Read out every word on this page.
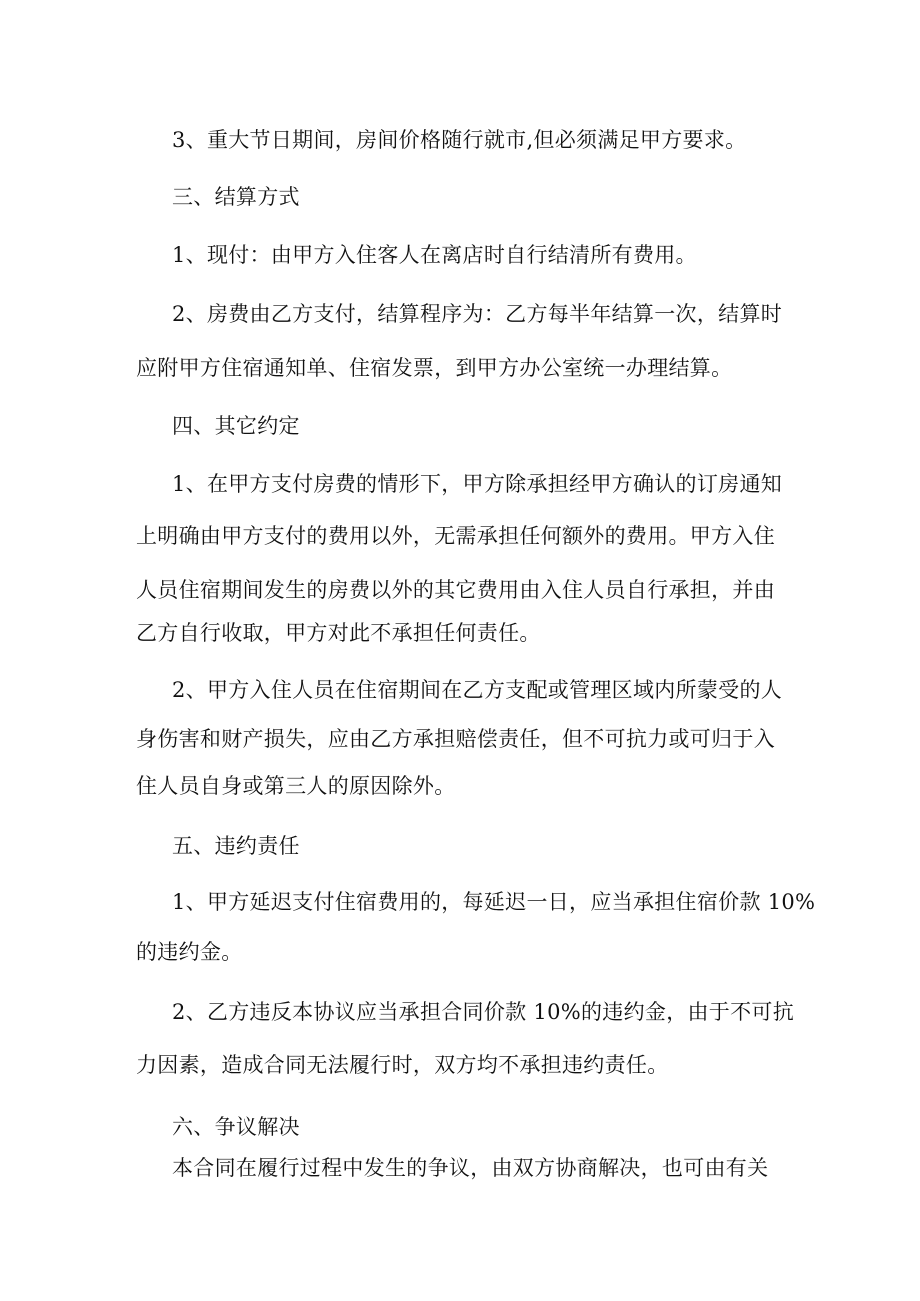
3、重大节日期间，房间价格随行就市,但必须满足甲方要求。
三、结算方式
1、现付：由甲方入住客人在离店时自行结清所有费用。
2、房费由乙方支付，结算程序为：乙方每半年结算一次，结算时
应附甲方住宿通知单、住宿发票，到甲方办公室统一办理结算。
四、其它约定
1、在甲方支付房费的情形下，甲方除承担经甲方确认的订房通知
上明确由甲方支付的费用以外，无需承担任何额外的费用。甲方入住
人员住宿期间发生的房费以外的其它费用由入住人员自行承担，并由
乙方自行收取，甲方对此不承担任何责任。
2、甲方入住人员在住宿期间在乙方支配或管理区域内所蒙受的人
身伤害和财产损失，应由乙方承担赔偿责任，但不可抗力或可归于入
住人员自身或第三人的原因除外。
五、违约责任
1、甲方延迟支付住宿费用的，每延迟一日，应当承担住宿价款 10%
的违约金。
2、乙方违反本协议应当承担合同价款 10%的违约金，由于不可抗
力因素，造成合同无法履行时，双方均不承担违约责任。
六、争议解决
本合同在履行过程中发生的争议，由双方协商解决，也可由有关
